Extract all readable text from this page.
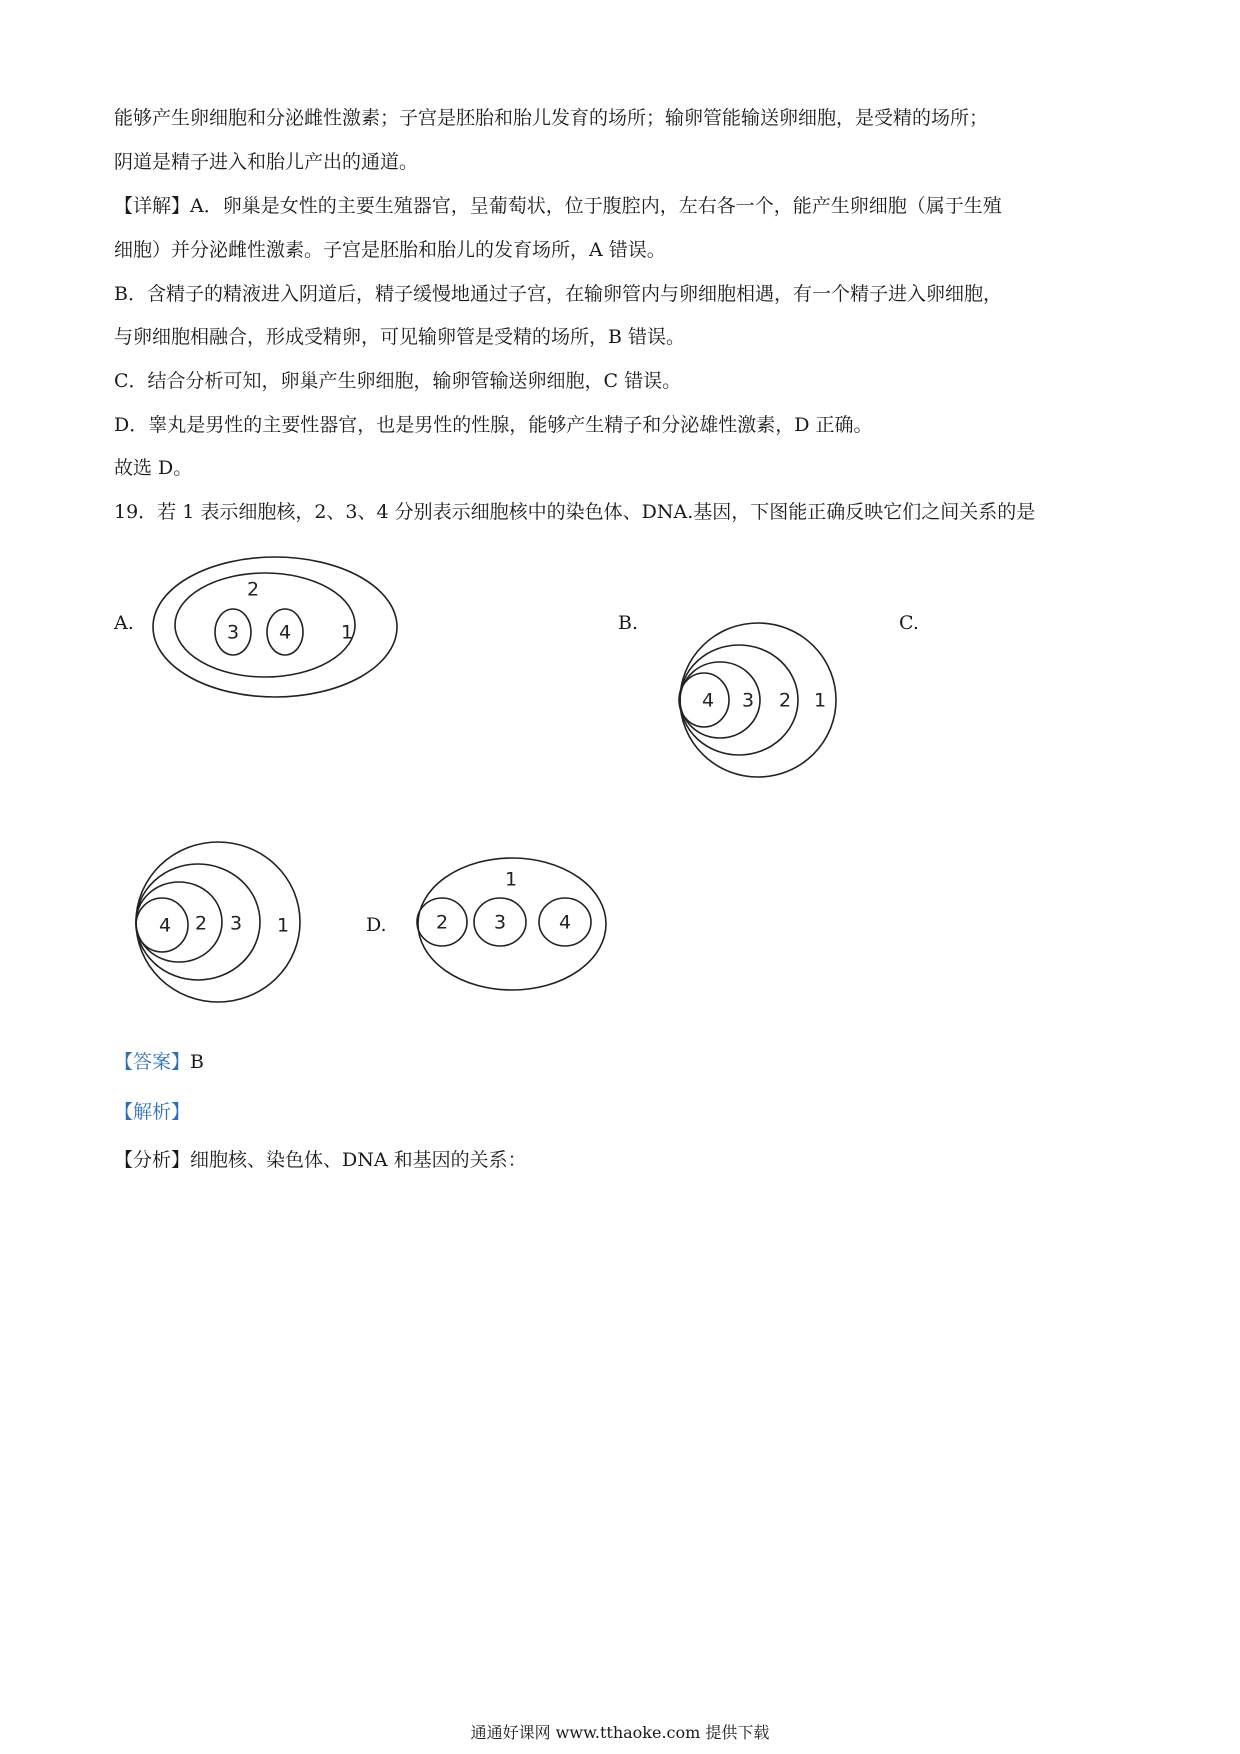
能够产生卵细胞和分泌雌性激素；子宫是胚胎和胎儿发育的场所；输卵管能输送卵细胞，是受精的场所；
阴道是精子进入和胎儿产出的通道。
【详解】A．卵巢是女性的主要生殖器官，呈葡萄状，位于腹腔内，左右各一个，能产生卵细胞（属于生殖
细胞）并分泌雌性激素。子宫是胚胎和胎儿的发育场所，A 错误。
B．含精子的精液进入阴道后，精子缓慢地通过子宫，在输卵管内与卵细胞相遇，有一个精子进入卵细胞，
与卵细胞相融合，形成受精卵，可见输卵管是受精的场所，B 错误。
C．结合分析可知，卵巢产生卵细胞，输卵管输送卵细胞，C 错误。
D．睾丸是男性的主要性器官，也是男性的性腺，能够产生精子和分泌雄性激素，D 正确。
故选 D。
19．若 1 表示细胞核，2、3、4 分别表示细胞核中的染色体、DNA.基因，下图能正确反映它们之间关系的是
A.
2
3 4	1	B.
4 3 2 1
C.
4 2 3 1	D.
1
2 3	4
【答案】B
【解析】
【分析】细胞核、染色体、DNA 和基因的关系：
通通好课网 www.tthaoke.com 提供下载
